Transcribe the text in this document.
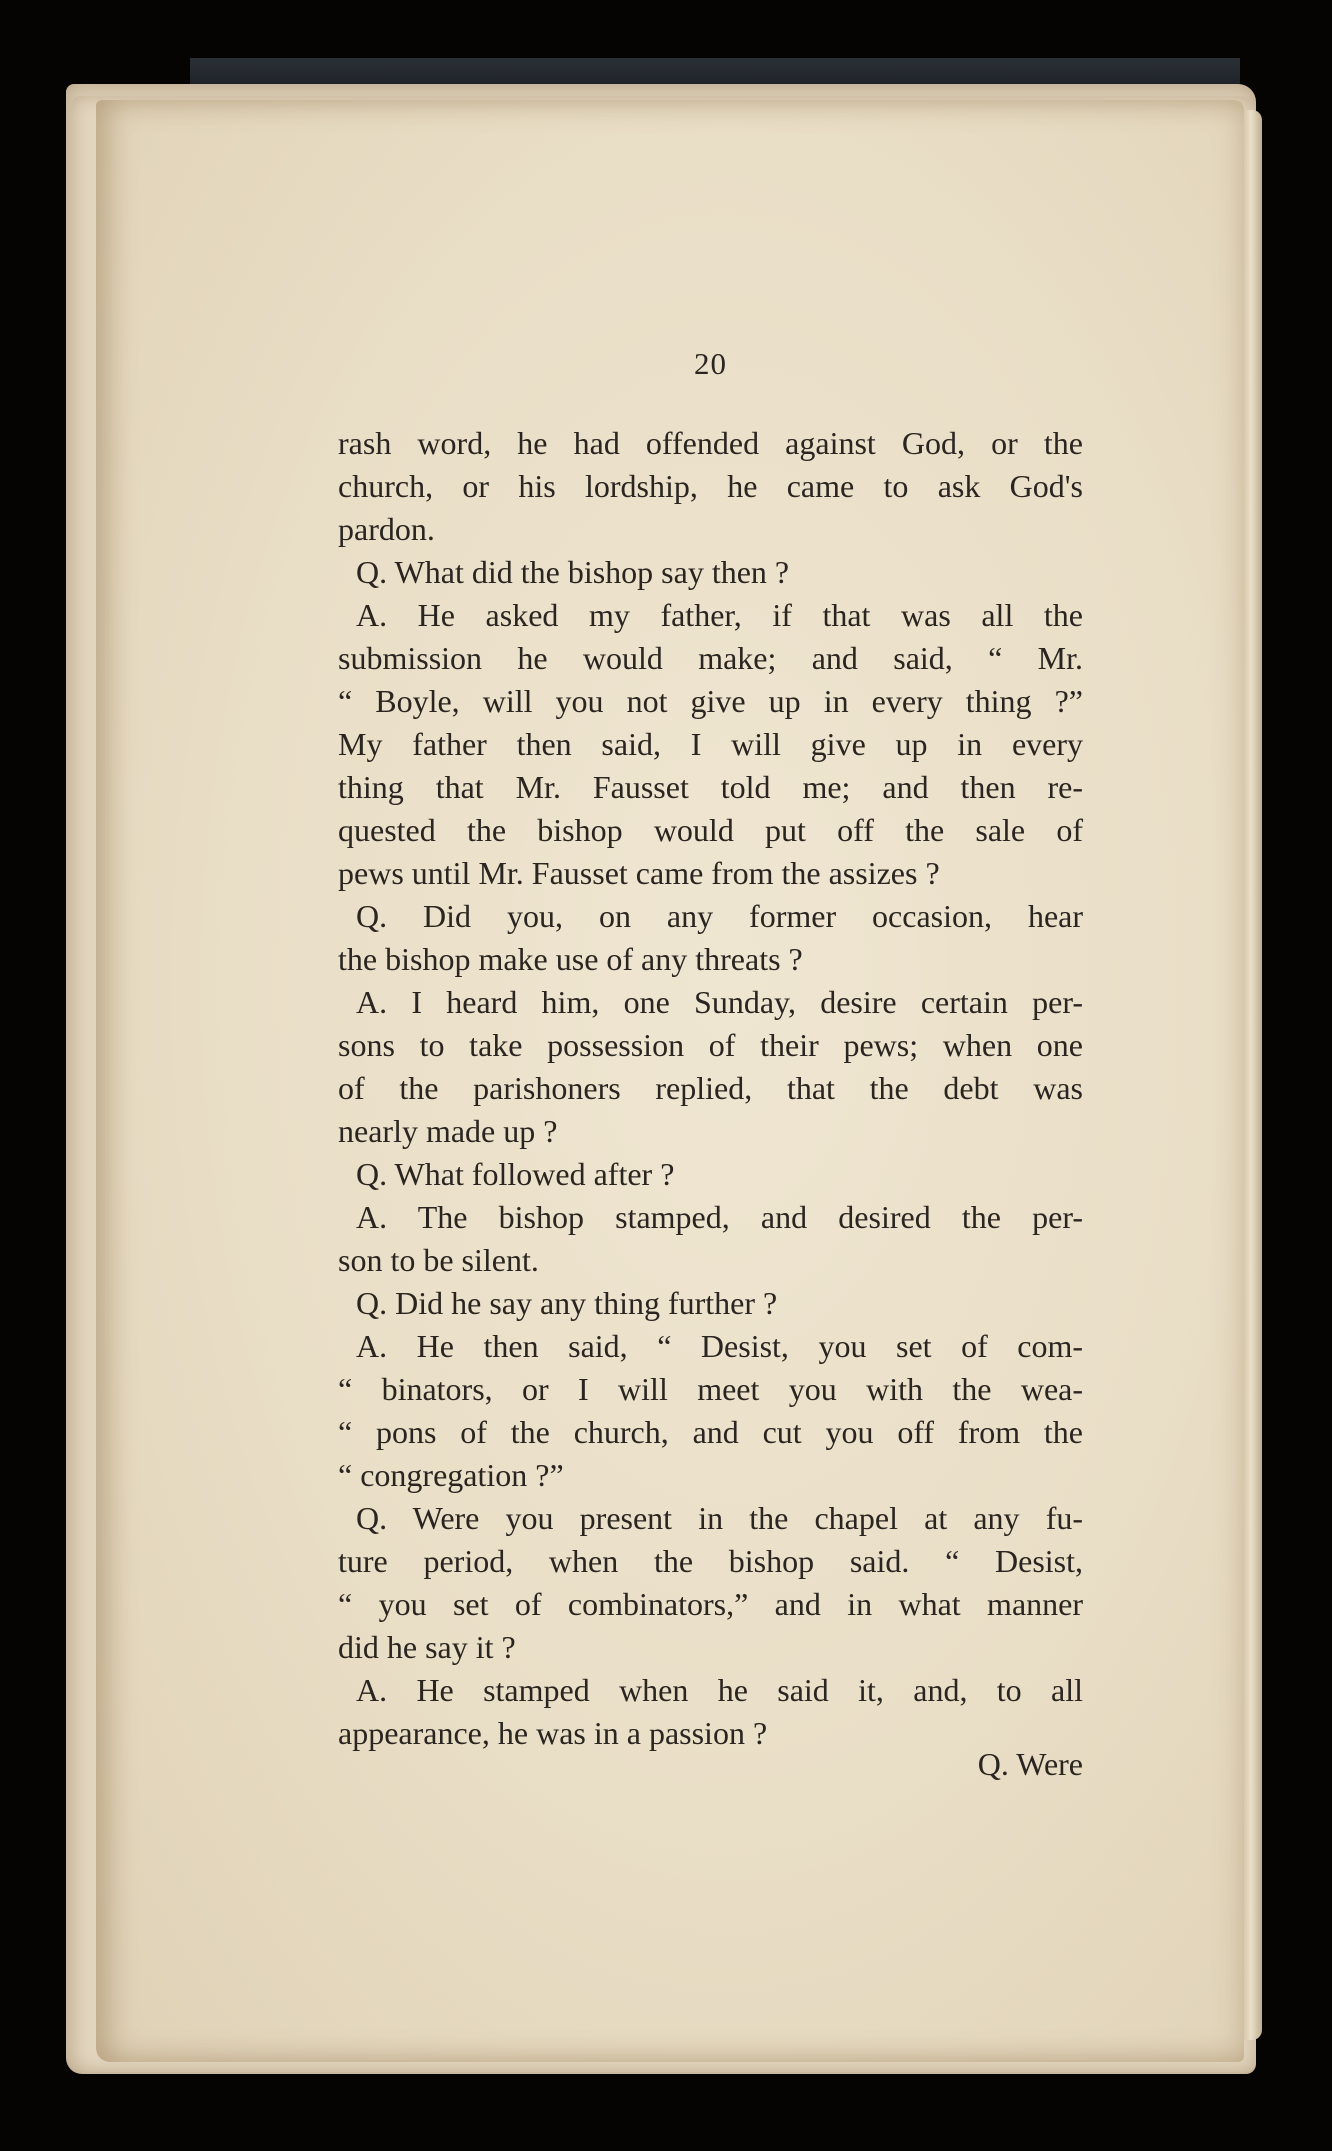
20
rash word, he had offended against God, or the
church, or his lordship, he came to ask God's
pardon.
Q. What did the bishop say then ?
A. He asked my father, if that was all the
submission he would make; and said, “ Mr.
“ Boyle, will you not give up in every thing ?”
My father then said, I will give up in every
thing that Mr. Fausset told me; and then re-
quested the bishop would put off the sale of
pews until Mr. Fausset came from the assizes ?
Q. Did you, on any former occasion, hear
the bishop make use of any threats ?
A. I heard him, one Sunday, desire certain per-
sons to take possession of their pews; when one
of the parishoners replied, that the debt was
nearly made up ?
Q. What followed after ?
A. The bishop stamped, and desired the per-
son to be silent.
Q. Did he say any thing further ?
A. He then said, “ Desist, you set of com-
“ binators, or I will meet you with the wea-
“ pons of the church, and cut you off from the
“ congregation ?”
Q. Were you present in the chapel at any fu-
ture period, when the bishop said. “ Desist,
“ you set of combinators,” and in what manner
did he say it ?
A. He stamped when he said it, and, to all
appearance, he was in a passion ?
Q. Were
